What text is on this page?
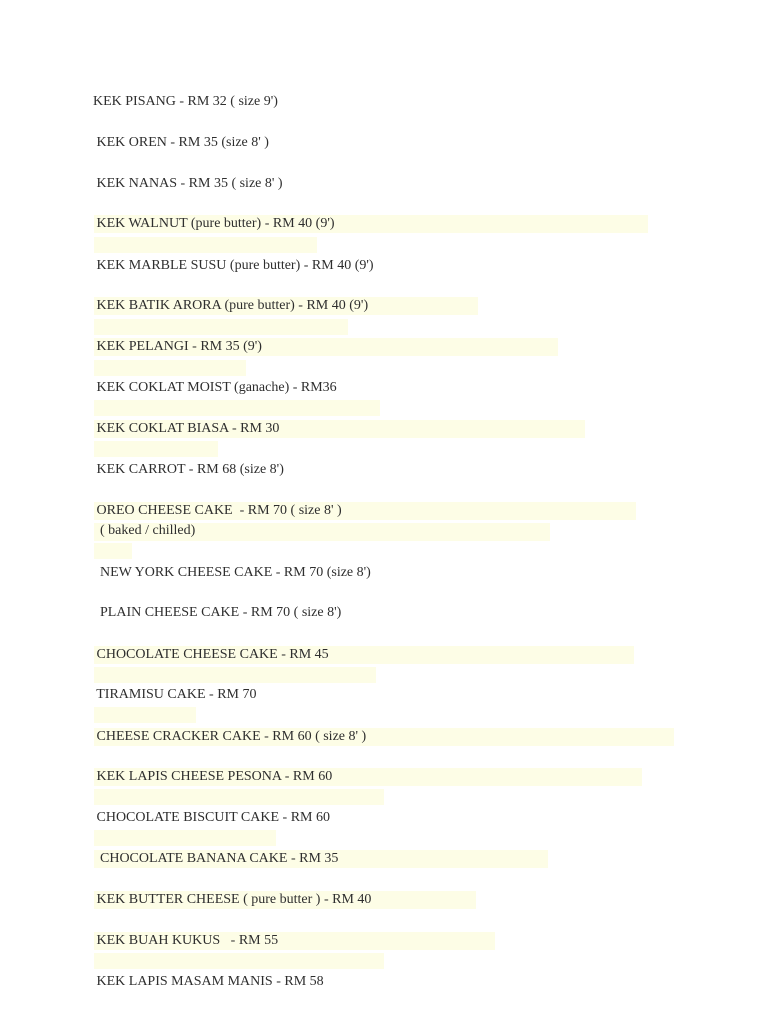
KEK PISANG - RM 32 ( size 9')
KEK OREN - RM 35 (size 8' )
KEK NANAS - RM 35 ( size 8' )
KEK WALNUT (pure butter) - RM 40 (9')
KEK MARBLE SUSU (pure butter) - RM 40 (9')
KEK BATIK ARORA (pure butter) - RM 40 (9')
KEK PELANGI - RM 35 (9')
KEK COKLAT MOIST (ganache) - RM36
KEK COKLAT BIASA - RM 30
KEK CARROT - RM 68 (size 8')
OREO CHEESE CAKE  - RM 70 ( size 8' )
( baked / chilled)
NEW YORK CHEESE CAKE - RM 70 (size 8')
PLAIN CHEESE CAKE - RM 70 ( size 8')
CHOCOLATE CHEESE CAKE - RM 45
TIRAMISU CAKE - RM 70
CHEESE CRACKER CAKE - RM 60 ( size 8' )
KEK LAPIS CHEESE PESONA - RM 60
CHOCOLATE BISCUIT CAKE - RM 60
CHOCOLATE BANANA CAKE - RM 35
KEK BUTTER CHEESE ( pure butter ) - RM 40
KEK BUAH KUKUS   - RM 55
KEK LAPIS MASAM MANIS - RM 58
